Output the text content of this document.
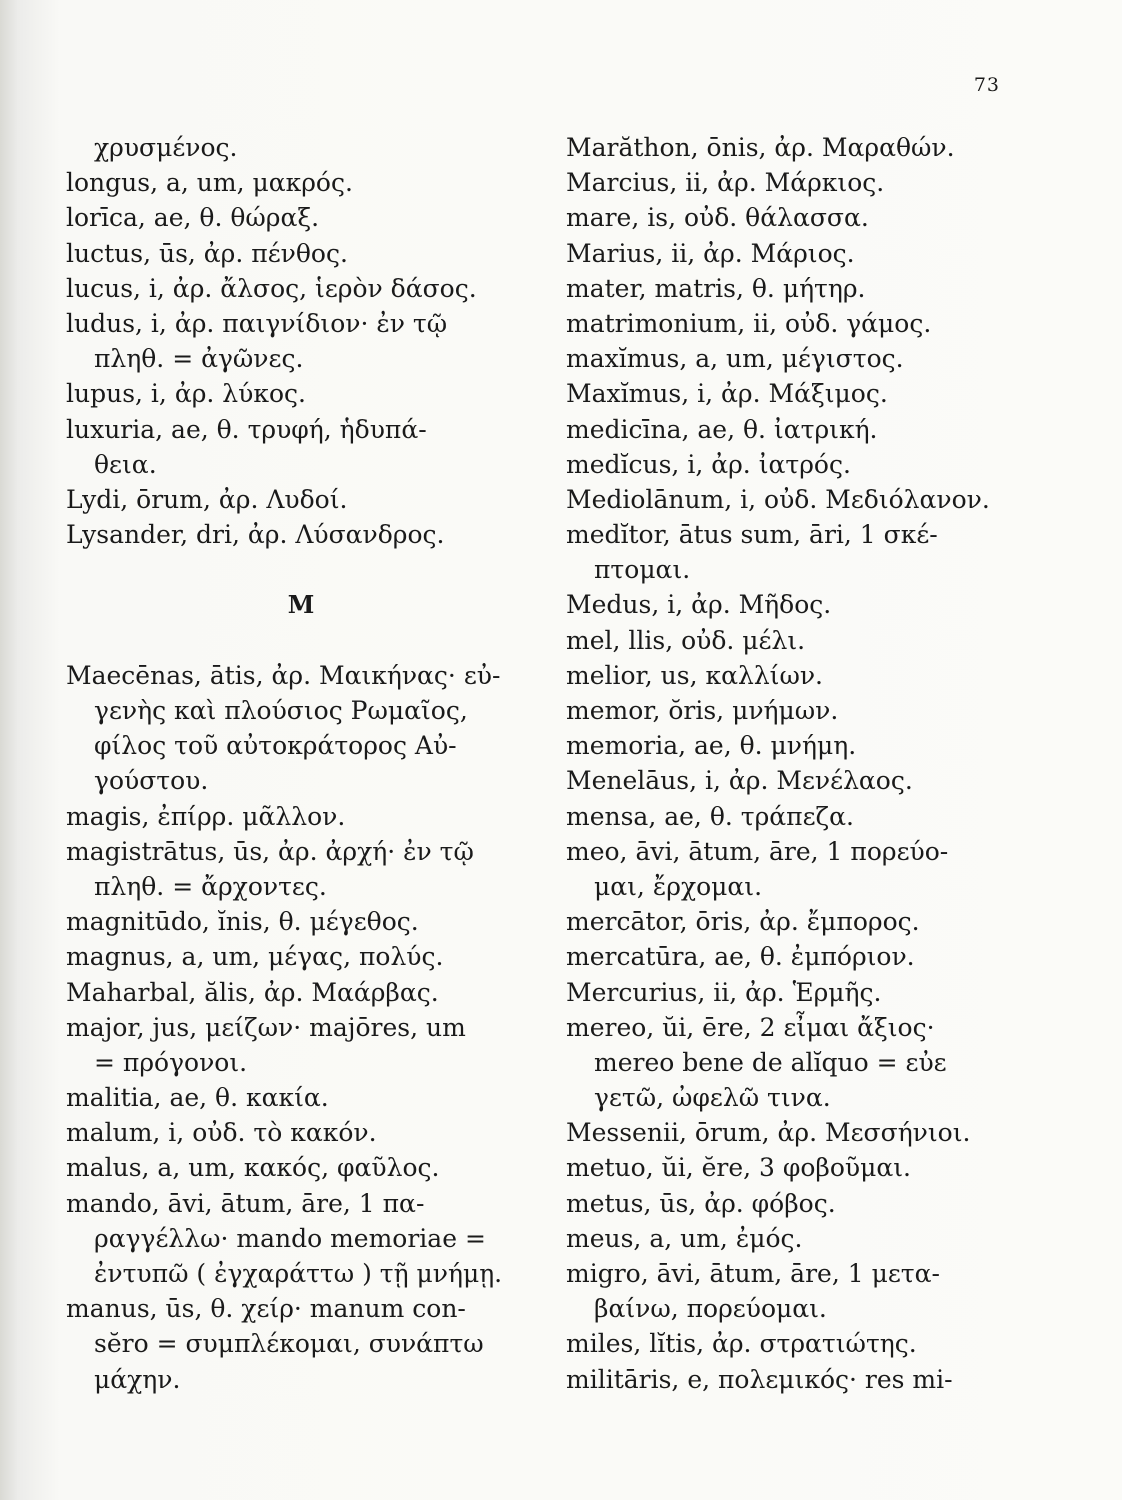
73
χρυσμένος.
longus, a, um, μακρός.
lorīca, ae, θ. θώραξ.
luctus, ūs, ἀρ. πένθος.
lucus, i, ἀρ. ἄλσος, ἱερὸν δάσος.
ludus, i, ἀρ. παιγνίδιον· ἐν τῷ
πληθ. = ἀγῶνες.
lupus, i, ἀρ. λύκος.
luxuria, ae, θ. τρυφή, ἡδυπά-
θεια.
Lydi, ōrum, ἀρ. Λυδοί.
Lysander, dri, ἀρ. Λύσανδρος.
M
Maecēnas, ātis, ἀρ. Μαικήνας· εὐ-
γενὴς καὶ πλούσιος Ρωμαῖος,
φίλος τοῦ αὐτοκράτορος Αὐ-
γούστου.
magis, ἐπίρρ. μᾶλλον.
magistrātus, ūs, ἀρ. ἀρχή· ἐν τῷ
πληθ. = ἄρχοντες.
magnitūdo, ĭnis, θ. μέγεθος.
magnus, a, um, μέγας, πολύς.
Maharbal, ălis, ἀρ. Μαάρβας.
major, jus, μείζων· majōres, um
= πρόγονοι.
malitia, ae, θ. κακία.
malum, i, οὐδ. τὸ κακόν.
malus, a, um, κακός, φαῦλος.
mando, āvi, ātum, āre, 1 πα-
ραγγέλλω· mando memoriae =
ἐντυπῶ ( ἐγχαράττω ) τῇ μνήμῃ.
manus, ūs, θ. χείρ· manum con-
sĕro = συμπλέκομαι, συνάπτω
μάχην.
Marăthon, ōnis, ἀρ. Μαραθών.
Marcius, ii, ἀρ. Μάρκιος.
mare, is, οὐδ. θάλασσα.
Marius, ii, ἀρ. Μάριος.
mater, matris, θ. μήτηρ.
matrimonium, ii, οὐδ. γάμος.
maxĭmus, a, um, μέγιστος.
Maxĭmus, i, ἀρ. Μάξιμος.
medicīna, ae, θ. ἰατρική.
medĭcus, i, ἀρ. ἰατρός.
Mediolānum, i, οὐδ. Μεδιόλανον.
medĭtor, ātus sum, āri, 1 σκέ-
πτομαι.
Medus, i, ἀρ. Μῆδος.
mel, llis, οὐδ. μέλι.
melior, us, καλλίων.
memor, ŏris, μνήμων.
memoria, ae, θ. μνήμη.
Menelāus, i, ἀρ. Μενέλαος.
mensa, ae, θ. τράπεζα.
meo, āvi, ātum, āre, 1 πορεύο-
μαι, ἔρχομαι.
mercātor, ōris, ἀρ. ἔμπορος.
mercatūra, ae, θ. ἐμπόριον.
Mercurius, ii, ἀρ. Ἑρμῆς.
mereo, ŭi, ēre, 2 εἶμαι ἄξιος·
mereo bene de alĭquo = εὐε
γετῶ, ὠφελῶ τινα.
Messenii, ōrum, ἀρ. Μεσσήνιοι.
metuo, ŭi, ĕre, 3 φοβοῦμαι.
metus, ūs, ἀρ. φόβος.
meus, a, um, ἐμός.
migro, āvi, ātum, āre, 1 μετα-
βαίνω, πορεύομαι.
miles, lĭtis, ἀρ. στρατιώτης.
militāris, e, πολεμικός· res mi-
